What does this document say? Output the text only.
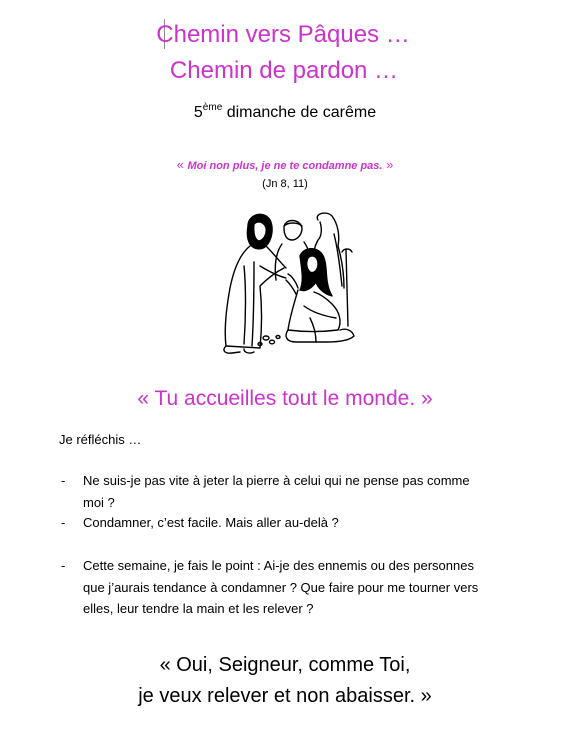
Chemin vers Pâques …
Chemin de pardon …
5ème dimanche de carême
« Moi non plus, je ne te condamne pas. »
(Jn 8, 11)
« Tu accueilles tout le monde. »
Je réfléchis …
- Ne suis-je pas vite à jeter la pierre à celui qui ne pense pas comme
moi ?
- Condamner, c’est facile. Mais aller au-delà ?
- Cette semaine, je fais le point : Ai-je des ennemis ou des personnes
que j’aurais tendance à condamner ? Que faire pour me tourner vers
elles, leur tendre la main et les relever ?
« Oui, Seigneur, comme Toi,
je veux relever et non abaisser. »
